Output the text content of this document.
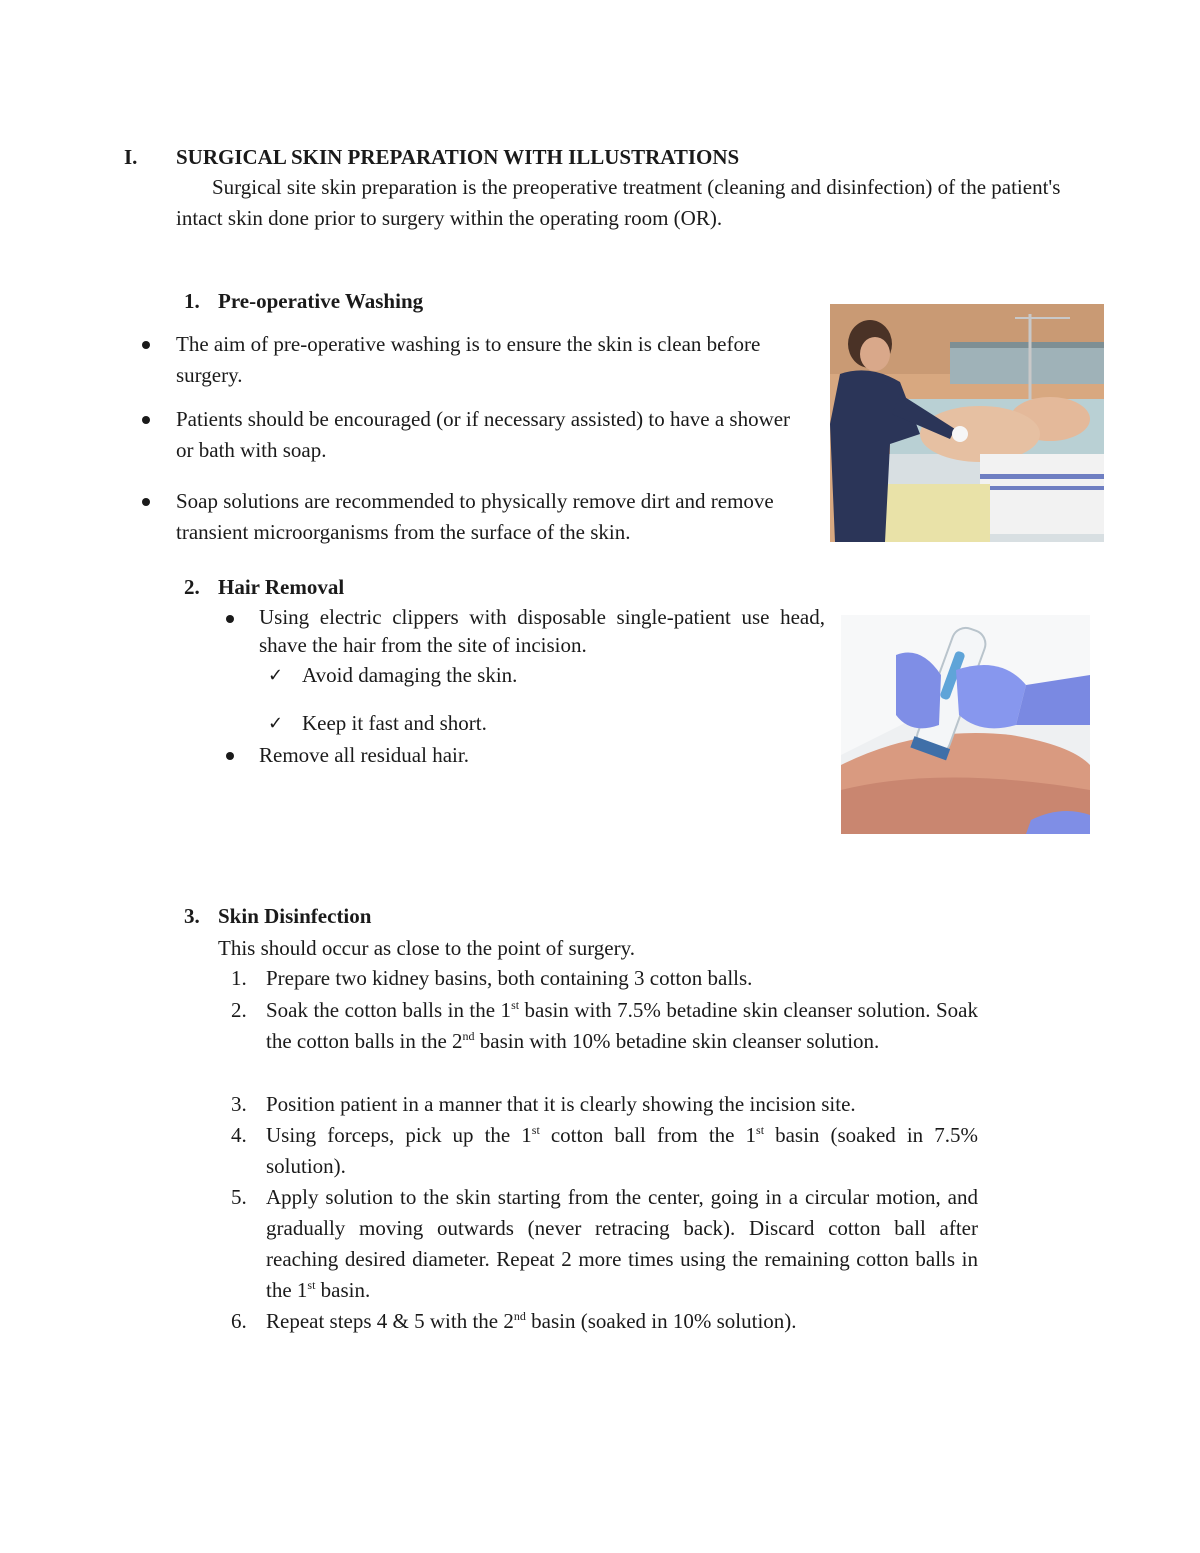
I. SURGICAL SKIN PREPARATION WITH ILLUSTRATIONS
Surgical site skin preparation is the preoperative treatment (cleaning and disinfection) of the patient's intact skin done prior to surgery within the operating room (OR).
1. Pre-operative Washing
The aim of pre-operative washing is to ensure the skin is clean before surgery.
Patients should be encouraged (or if necessary assisted) to have a shower or bath with soap.
Soap solutions are recommended to physically remove dirt and remove transient microorganisms from the surface of the skin.
2. Hair Removal
Using electric clippers with disposable single-patient use head, shave the hair from the site of incision.
✓ Avoid damaging the skin.
✓ Keep it fast and short.
Remove all residual hair.
3. Skin Disinfection
This should occur as close to the point of surgery.
1. Prepare two kidney basins, both containing 3 cotton balls.
2. Soak the cotton balls in the 1st basin with 7.5% betadine skin cleanser solution. Soak the cotton balls in the 2nd basin with 10% betadine skin cleanser solution.
3. Position patient in a manner that it is clearly showing the incision site.
4. Using forceps, pick up the 1st cotton ball from the 1st basin (soaked in 7.5% solution).
5. Apply solution to the skin starting from the center, going in a circular motion, and gradually moving outwards (never retracing back). Discard cotton ball after reaching desired diameter. Repeat 2 more times using the remaining cotton balls in the 1st basin.
6. Repeat steps 4 & 5 with the 2nd basin (soaked in 10% solution).
